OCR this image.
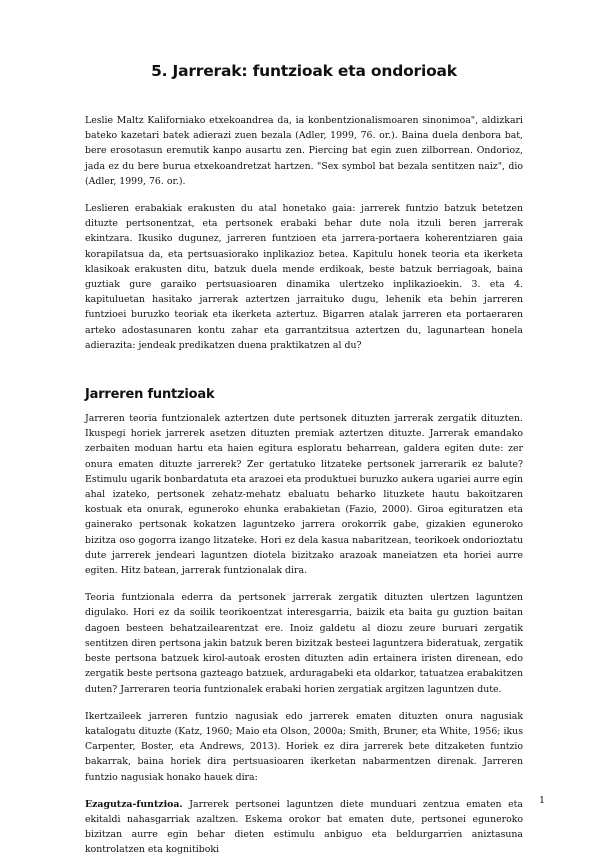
5. Jarrerak: funtzioak eta ondorioak

Leslie Maltz Kaliforniako etxekoandrea da, ia konbentzionalismoaren sinonimoa", aldizkari bateko kazetari batek adierazi zuen bezala (Adler, 1999, 76. or.). Baina duela denbora bat, bere erosotasun eremutik kanpo ausartu zen. Piercing bat egin zuen zilborrean. Ondorioz, jada ez du bere burua etxekoandretzat hartzen. "Sex symbol bat bezala sentitzen naiz", dio (Adler, 1999, 76. or.).

Leslieren erabakiak erakusten du atal honetako gaia: jarrerek funtzio batzuk betetzen dituzte pertsonentzat, eta pertsonek erabaki behar dute nola itzuli beren jarrerak ekintzara. Ikusiko dugunez, jarreren funtzioen eta jarrera-portaera koherentziaren gaia korapilatsua da, eta pertsuasiorako inplikazioz betea. Kapitulu honek teoria eta ikerketa klasikoak erakusten ditu, batzuk duela mende erdikoak, beste batzuk berriagoak, baina guztiak gure garaiko pertsuasioaren dinamika ulertzeko inplikazioekin. 3. eta 4. kapituluetan hasitako jarrerak aztertzen jarraituko dugu, lehenik eta behin jarreren funtzioei buruzko teoriak eta ikerketa aztertuz. Bigarren atalak jarreren eta portaeraren arteko adostasunaren kontu zahar eta garrantzitsua aztertzen du, lagunartean honela adierazita: jendeak predikatzen duena praktikatzen al du?

Jarreren funtzioak

Jarreren teoria funtzionalek aztertzen dute pertsonek dituzten jarrerak zergatik dituzten. Ikuspegi horiek jarrerek asetzen dituzten premiak aztertzen dituzte. Jarrerak emandako zerbaiten moduan hartu eta haien egitura esploratu beharrean, galdera egiten dute: zer onura ematen dituzte jarrerek? Zer gertatuko litzateke pertsonek jarrerarik ez balute? Estimulu ugarik bonbardatuta eta arazoei eta produktuei buruzko aukera ugariei aurre egin ahal izateko, pertsonek zehatz-mehatz ebaluatu beharko lituzkete hautu bakoitzaren kostuak eta onurak, eguneroko ehunka erabakietan (Fazio, 2000). Giroa egituratzen eta gainerako pertsonak kokatzen laguntzeko jarrera orokorrik gabe, gizakien eguneroko bizitza oso gogorra izango litzateke. Hori ez dela kasua nabaritzean, teorikoek ondorioztatu dute jarrerek jendeari laguntzen diotela bizitzako arazoak maneiatzen eta horiei aurre egiten. Hitz batean, jarrerak funtzionalak dira.

Teoria funtzionala ederra da pertsonek jarrerak zergatik dituzten ulertzen laguntzen digulako. Hori ez da soilik teorikoentzat interesgarria, baizik eta baita gu guztion baitan dagoen besteen behatzailearentzat ere. Inoiz galdetu al diozu zeure buruari zergatik sentitzen diren pertsona jakin batzuk beren bizitzak besteei laguntzera bideratuak, zergatik beste pertsona batzuek kirol-autoak erosten dituzten adin ertainera iristen direnean, edo zergatik beste pertsona gazteago batzuek, arduragabeki eta oldarkor, tatuatzea erabakitzen duten? Jarreraren teoria funtzionalek erabaki horien zergatiak argitzen laguntzen dute.

Ikertzaileek jarreren funtzio nagusiak edo jarrerek ematen dituzten onura nagusiak katalogatu dituzte (Katz, 1960; Maio eta Olson, 2000a; Smith, Bruner, eta White, 1956; ikus Carpenter, Boster, eta Andrews, 2013). Horiek ez dira jarrerek bete ditzaketen funtzio bakarrak, baina horiek dira pertsuasioaren ikerketan nabarmentzen direnak. Jarreren funtzio nagusiak honako hauek dira:

Ezagutza-funtzioa. Jarrerek pertsonei laguntzen diete munduari zentzua ematen eta ekitaldi nahasgarriak azaltzen. Eskema orokor bat ematen dute, pertsonei eguneroko bizitzan aurre egin behar dieten estimulu anbiguo eta beldurgarrien aniztasuna kontrolatzen eta kognitiboki

1
